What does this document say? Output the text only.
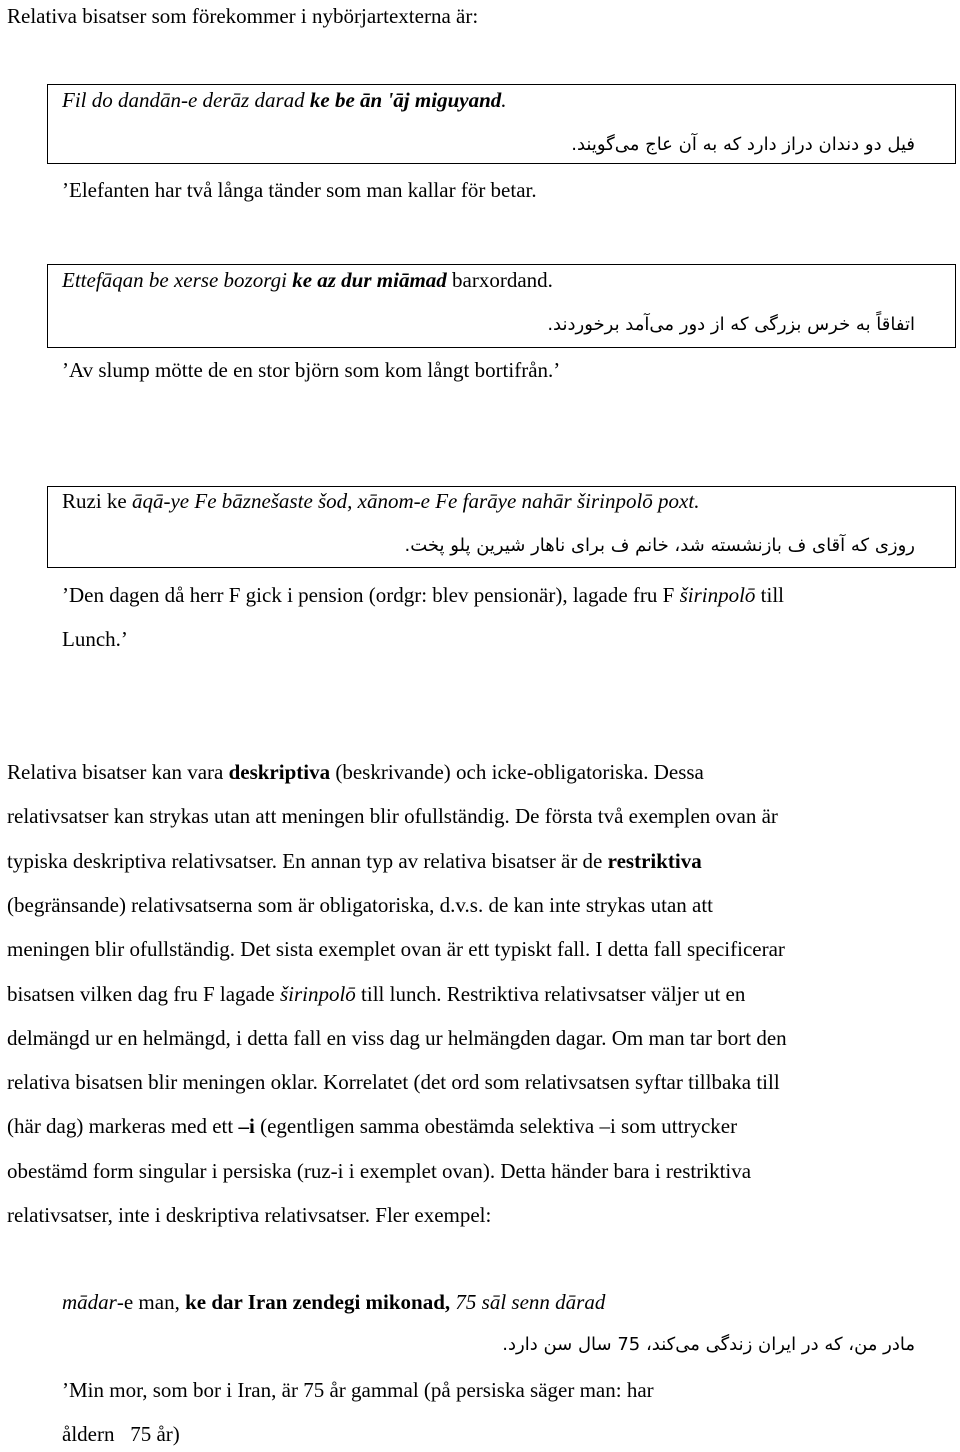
Relativa bisatser som förekommer i nybörjartexterna är:
Fil do dandān-e derāz darad ke be ān 'āj miguyand.
فیل دو دندان دراز دارد که به آن عاج می‌گویند.
’Elefanten har två långa tänder som man kallar för betar.
Ettefāqan be xerse bozorgi ke az dur miāmad barxordand.
اتفاقاً به خرس بزرگی که از دور می‌آمد برخوردند.
’Av slump mötte de en stor björn som kom långt bortifrån.’
Ruzi ke āqā-ye Fe bāznešaste šod, xānom-e Fe farāye nahār širinpolō poxt.
روزی که آقای ف بازنشسته شد، خانم ف برای ناهار شیرین پلو پخت.
’Den dagen då herr F gick i pension (ordgr: blev pensionär), lagade fru F širinpolō till
Lunch.’
Relativa bisatser kan vara deskriptiva (beskrivande) och icke-obligatoriska. Dessa
relativsatser kan strykas utan att meningen blir ofullständig. De första två exemplen ovan är
typiska deskriptiva relativsatser. En annan typ av relativa bisatser är de restriktiva
(begränsande) relativsatserna som är obligatoriska, d.v.s. de kan inte strykas utan att
meningen blir ofullständig. Det sista exemplet ovan är ett typiskt fall. I detta fall specificerar
bisatsen vilken dag fru F lagade širinpolō till lunch. Restriktiva relativsatser väljer ut en
delmängd ur en helmängd, i detta fall en viss dag ur helmängden dagar. Om man tar bort den
relativa bisatsen blir meningen oklar. Korrelatet (det ord som relativsatsen syftar tillbaka till
(här dag) markeras med ett –i (egentligen samma obestämda selektiva –i som uttrycker
obestämd form singular i persiska (ruz-i i exemplet ovan). Detta händer bara i restriktiva
relativsatser, inte i deskriptiva relativsatser. Fler exempel:
mādar-e man, ke dar Iran zendegi mikonad, 75 sāl senn dārad
مادر من، که در ایران زندگی می‌کند، 75 سال سن دارد.
’Min mor, som bor i Iran, är 75 år gammal (på persiska säger man: har
åldern   75 år)
